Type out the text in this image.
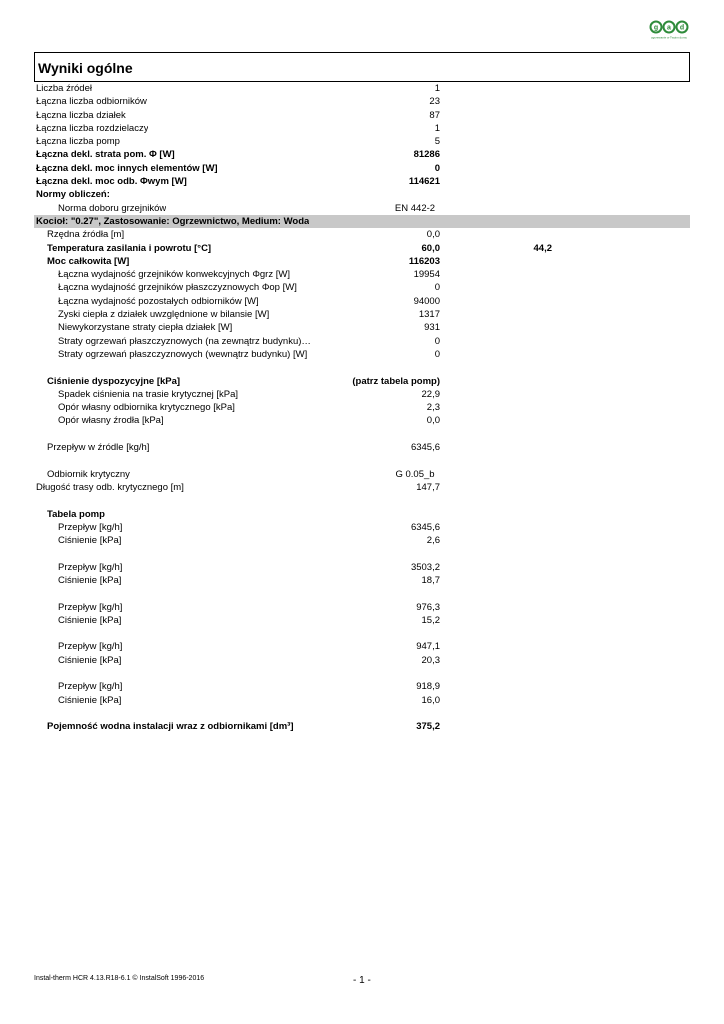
g a d
ogrzewanie w Twoim domu
Wyniki ogólne
Liczba źródeł	1
Łączna liczba odbiorników	23
Łączna liczba działek	87
Łączna liczba rozdzielaczy	1
Łączna liczba pomp	5
Łączna dekl. strata pom. Φ [W]	81286
Łączna dekl. moc innych elementów [W]	0
Łączna dekl. moc odb. Φwym [W]	114621
Normy obliczeń:
Norma doboru grzejników	EN 442-2
Kocioł: "0.27", Zastosowanie: Ogrzewnictwo, Medium: Woda
Rzędna źródła [m]	0,0
Temperatura zasilania i powrotu [°C]	60,0	44,2
Moc całkowita [W]	116203
Łączna wydajność grzejników konwekcyjnych Φgrz [W]	19954
Łączna wydajność grzejników płaszczyznowych Φop [W]	0
Łączna wydajność pozostałych odbiorników [W]	94000
Zyski ciepła z działek uwzględnione w bilansie [W]	1317
Niewykorzystane straty ciepła działek [W]	931
Straty ogrzewań płaszczyznowych (na zewnątrz budynku)…	0
Straty ogrzewań płaszczyznowych (wewnątrz budynku) [W]	0
Ciśnienie dyspozycyjne [kPa]	(patrz tabela pomp)
Spadek ciśnienia na trasie krytycznej [kPa]	22,9
Opór własny odbiornika krytycznego [kPa]	2,3
Opór własny źrodła [kPa]	0,0
Przepływ w źródle [kg/h]	6345,6
Odbiornik krytyczny	G 0.05_b
Długość trasy odb. krytycznego [m]	147,7
Tabela pomp
Przepływ [kg/h]	6345,6
Ciśnienie [kPa]	2,6
Przepływ [kg/h]	3503,2
Ciśnienie [kPa]	18,7
Przepływ [kg/h]	976,3
Ciśnienie [kPa]	15,2
Przepływ [kg/h]	947,1
Ciśnienie [kPa]	20,3
Przepływ [kg/h]	918,9
Ciśnienie [kPa]	16,0
Pojemność wodna instalacji wraz z odbiornikami [dm³]	375,2
Instal-therm HCR 4.13.R18-6.1 © InstalSoft 1996-2016	- 1 -
